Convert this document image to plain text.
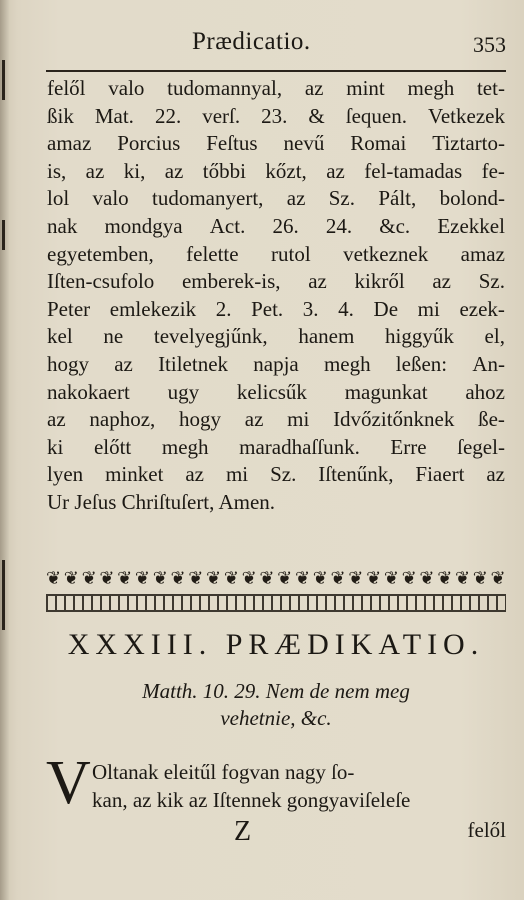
Prædicatio.	353
felől valo tudomannyal, az mint megh tet-
ßik Mat. 22. verſ. 23. & ſequen. Vetkezek
amaz Porcius Feſtus nevű Romai Tiztarto-
is, az ki, az tőbbi kőzt, az fel-tamadas fe-
lol valo tudomanyert, az Sz. Pált, bolond-
nak mondgya Act. 26. 24. &c. Ezekkel
egyetemben, felette rutol vetkeznek amaz
Iſten-csufolo emberek-is, az kikről az Sz.
Peter emlekezik 2. Pet. 3. 4. De mi ezek-
kel ne tevelyegjűnk, hanem higgyűk el,
hogy az Itiletnek napja megh leßen: An-
nakokaert ugy kelicsűk magunkat ahoz
az naphoz, hogy az mi Idvőzitőnknek ße-
ki előtt megh maradhaſſunk. Erre ſegel-
lyen minket az mi Sz. Iſtenűnk, Fiaert az
Ur Jeſus Chriſtuſert, Amen.
❦ ❦ ❦ ❦ ❦ ❦ ❦ ❦ ❦ ❦ ❦ ❦ ❦ ❦ ❦ ❦ ❦ ❦ ❦ ❦ ❦ ❦ ❦ ❦ ❦ ❦
XXXIII. PRÆDIKATIO.
Matth. 10. 29. Nem de nem meg
vehetnie, &c.
V Oltanak eleitűl fogvan nagy ſo-
kan, az kik az Iſtennek gongyaviſeleſe
Z	felől
